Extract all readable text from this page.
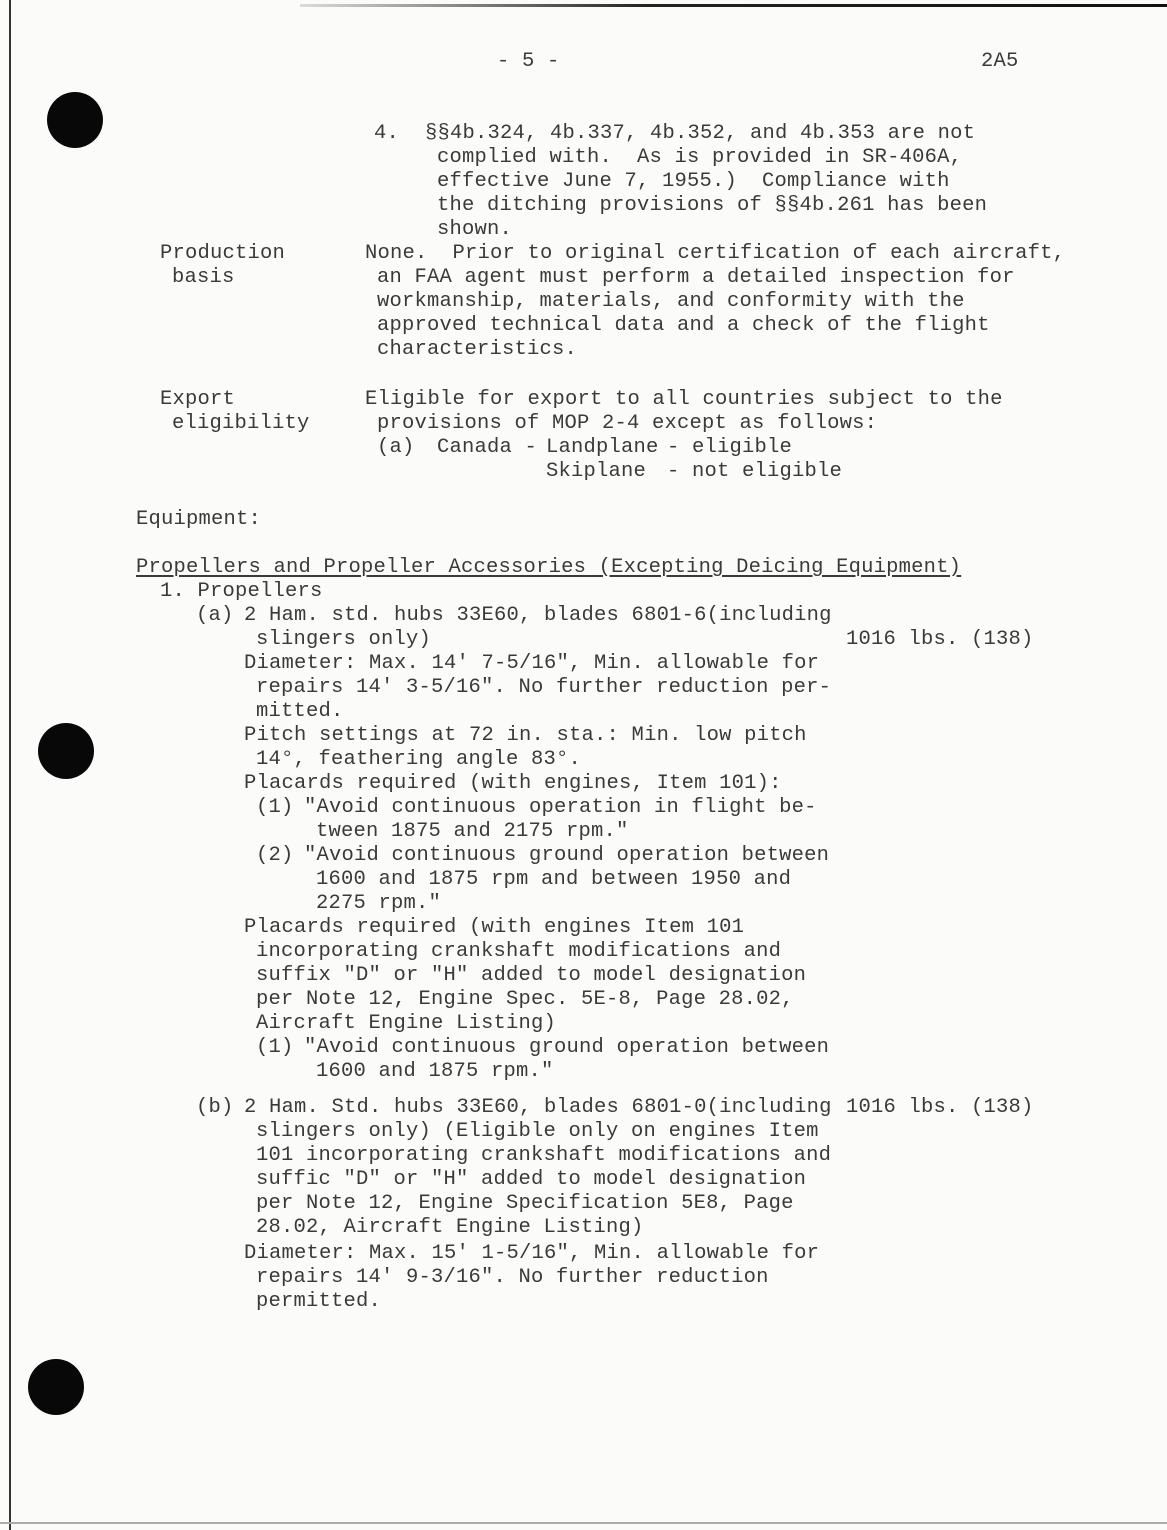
- 5 -	2A5
4. §§4b.324, 4b.337, 4b.352, and 4b.353 are not
complied with.  As is provided in SR-406A,
effective June 7, 1955.)  Compliance with
the ditching provisions of §§4b.261 has been
shown.
Production
basis
None.  Prior to original certification of each aircraft,
an FAA agent must perform a detailed inspection for
workmanship, materials, and conformity with the
approved technical data and a check of the flight
characteristics.
Export
eligibility
Eligible for export to all countries subject to the
provisions of MOP 2-4 except as follows:
(a) Canada - Landplane - eligible
Skiplane - not eligible
Equipment:
Propellers and Propeller Accessories (Excepting Deicing Equipment)
1. Propellers
(a) 2 Ham. std. hubs 33E60, blades 6801-6(including
slingers only)	1016 lbs. (138)
Diameter: Max. 14' 7-5/16", Min. allowable for
repairs 14' 3-5/16". No further reduction per-
mitted.
Pitch settings at 72 in. sta.: Min. low pitch
14°, feathering angle 83°.
Placards required (with engines, Item 101):
(1) "Avoid continuous operation in flight be-
tween 1875 and 2175 rpm."
(2) "Avoid continuous ground operation between
1600 and 1875 rpm and between 1950 and
2275 rpm."
Placards required (with engines Item 101
incorporating crankshaft modifications and
suffix "D" or "H" added to model designation
per Note 12, Engine Spec. 5E-8, Page 28.02,
Aircraft Engine Listing)
(1) "Avoid continuous ground operation between
1600 and 1875 rpm."
(b) 2 Ham. Std. hubs 33E60, blades 6801-0(including 1016 lbs. (138)
slingers only) (Eligible only on engines Item
101 incorporating crankshaft modifications and
suffic "D" or "H" added to model designation
per Note 12, Engine Specification 5E8, Page
28.02, Aircraft Engine Listing)
Diameter: Max. 15' 1-5/16", Min. allowable for
repairs 14' 9-3/16". No further reduction
permitted.
